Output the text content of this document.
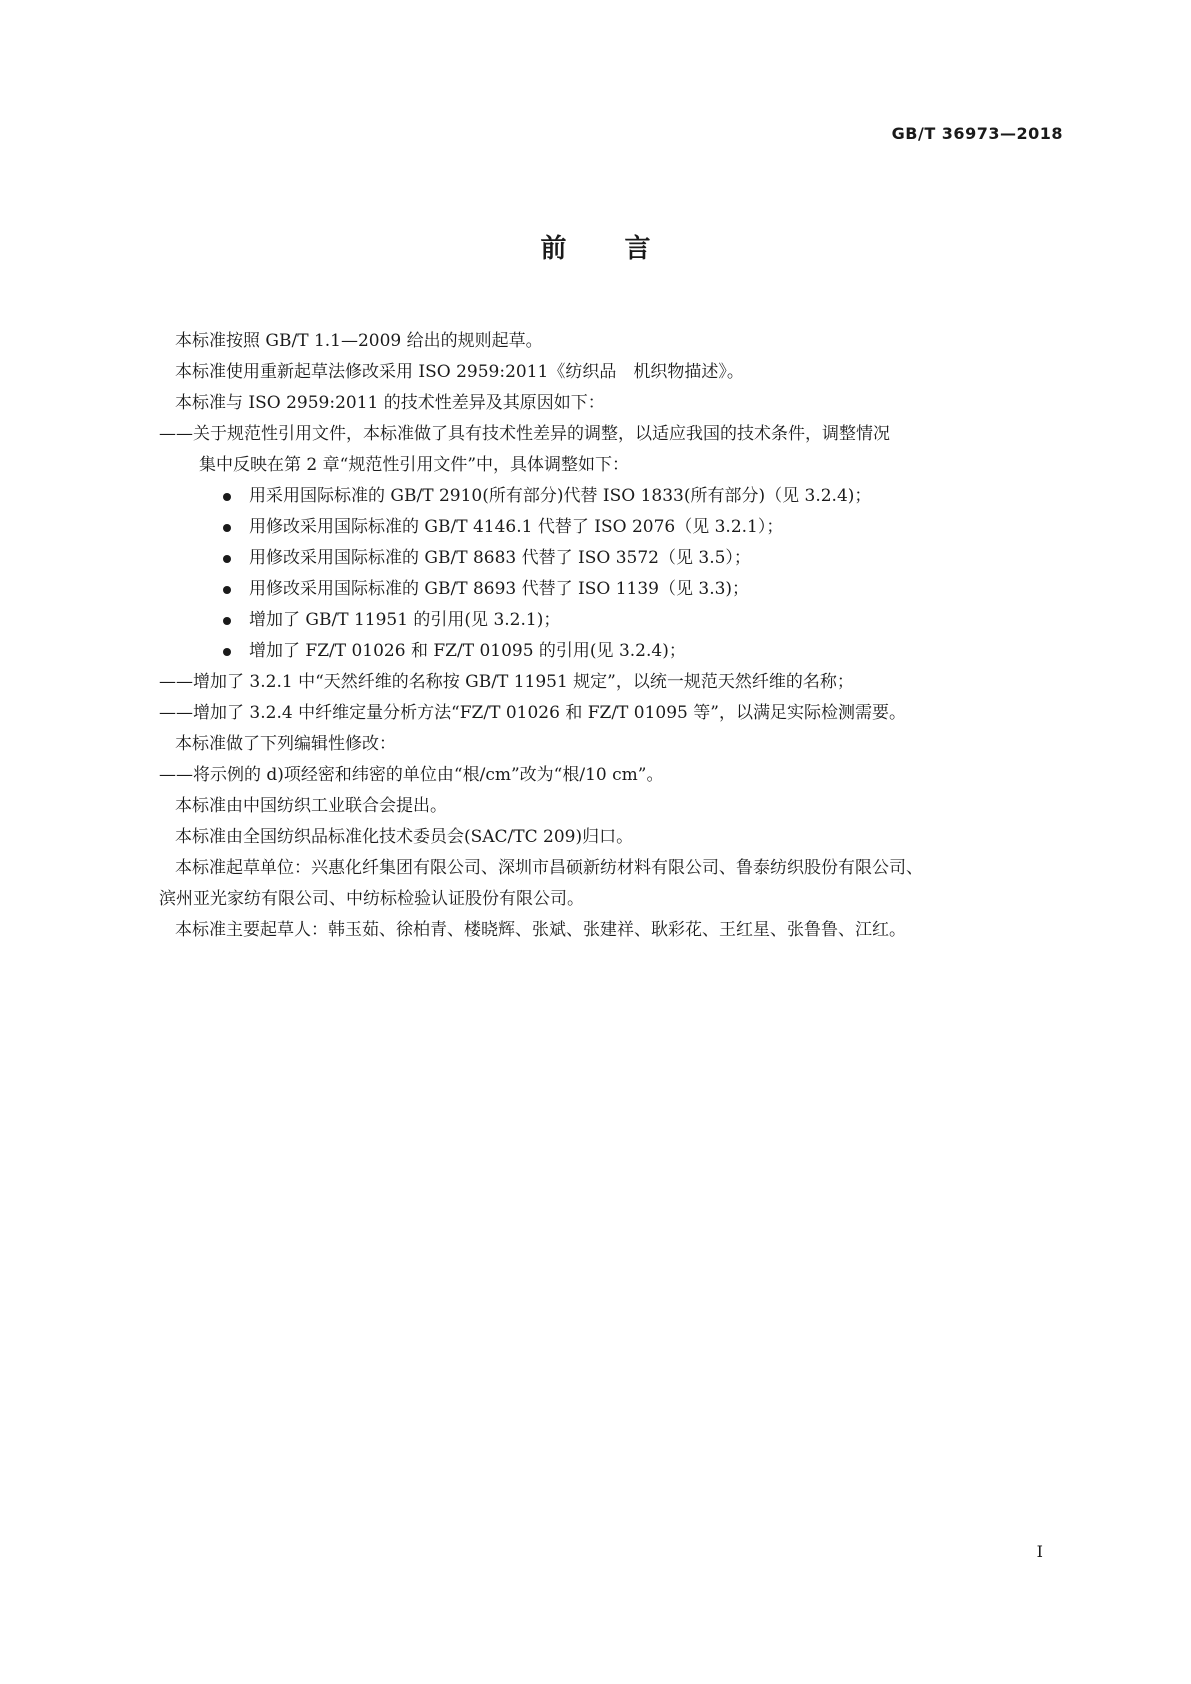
GB/T 36973—2018
前言
本标准按照 GB/T 1.1—2009 给出的规则起草。
本标准使用重新起草法修改采用 ISO 2959:2011《纺织品　机织物描述》。
本标准与 ISO 2959:2011 的技术性差异及其原因如下：
——关于规范性引用文件，本标准做了具有技术性差异的调整，以适应我国的技术条件，调整情况
集中反映在第 2 章“规范性引用文件”中，具体调整如下：
用采用国际标准的 GB/T 2910(所有部分)代替 ISO 1833(所有部分)（见 3.2.4)；
用修改采用国际标准的 GB/T 4146.1 代替了 ISO 2076（见 3.2.1）；
用修改采用国际标准的 GB/T 8683 代替了 ISO 3572（见 3.5）；
用修改采用国际标准的 GB/T 8693 代替了 ISO 1139（见 3.3)；
增加了 GB/T 11951 的引用(见 3.2.1)；
增加了 FZ/T 01026 和 FZ/T 01095 的引用(见 3.2.4)；
——增加了 3.2.1 中“天然纤维的名称按 GB/T 11951 规定”，以统一规范天然纤维的名称；
——增加了 3.2.4 中纤维定量分析方法“FZ/T 01026 和 FZ/T 01095 等”，以满足实际检测需要。
本标准做了下列编辑性修改：
——将示例的 d)项经密和纬密的单位由“根/cm”改为“根/10 cm”。
本标准由中国纺织工业联合会提出。
本标准由全国纺织品标准化技术委员会(SAC/TC 209)归口。
本标准起草单位：兴惠化纤集团有限公司、深圳市昌硕新纺材料有限公司、鲁泰纺织股份有限公司、
滨州亚光家纺有限公司、中纺标检验认证股份有限公司。
本标准主要起草人：韩玉茹、徐柏青、楼晓辉、张斌、张建祥、耿彩花、王红星、张鲁鲁、江红。
I
